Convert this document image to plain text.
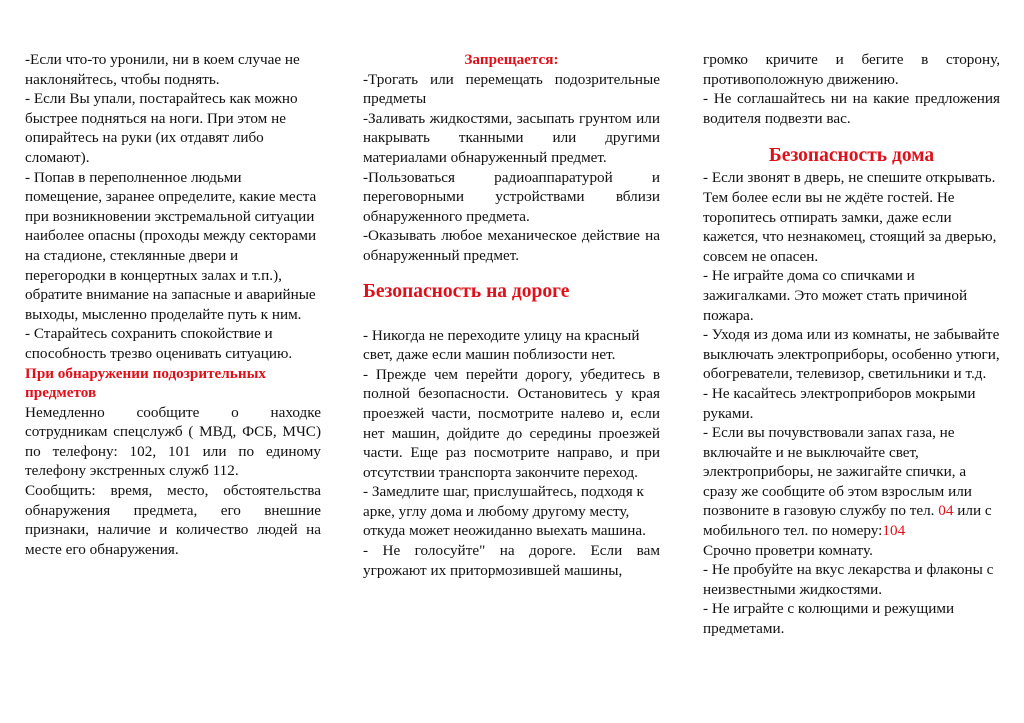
-Если что-то уронили, ни в коем случае не наклоняйтесь, чтобы поднять.

- Если Вы упали, постарайтесь как можно быстрее подняться на ноги. При этом не опирайтесь на руки (их отдавят либо сломают).

- Попав в переполненное людьми помещение, заранее определите, какие места при возникновении экстремальной ситуации наиболее опасны (проходы между секторами на стадионе, стеклянные двери и перегородки в концертных залах и т.п.), обратите внимание на запасные и аварийные выходы, мысленно проделайте путь к ним.

- Старайтесь сохранить спокойствие и способность трезво оценивать ситуацию.

При обнаружении подозрительных предметов

Немедленно сообщите о находке сотрудникам спецслужб ( МВД, ФСБ, МЧС) по телефону: 102, 101 или по единому телефону экстренных служб 112.

Сообщить: время, место, обстоятельства обнаружения предмета, его внешние признаки, наличие и количество людей на месте его обнаружения.

Запрещается:

-Трогать или перемещать подозрительные предметы

-Заливать жидкостями, засыпать грунтом или накрывать тканными или другими материалами обнаруженный предмет.

-Пользоваться радиоаппаратурой и переговорными устройствами вблизи обнаруженного предмета.

-Оказывать любое механическое действие на обнаруженный предмет.

Безопасность на дороге

- Никогда не переходите улицу на красный свет, даже если машин поблизости нет.

- Прежде чем перейти дорогу, убедитесь в полной безопасности. Остановитесь у края проезжей части, посмотрите налево и, если нет машин, дойдите до середины проезжей части. Еще раз посмотрите направо, и при отсутствии транспорта закончите переход.

- Замедлите шаг, прислушайтесь, подходя к арке, углу дома и любому другому месту, откуда может неожиданно выехать машина.

- Не голосуйте" на дороге. Если вам угрожают их притормозившей машины,

громко кричите и бегите в сторону, противоположную движению.

- Не соглашайтесь ни на какие предложения водителя подвезти вас.

Безопасность дома

- Если звонят в дверь, не спешите открывать. Тем более если вы не ждёте гостей. Не торопитесь отпирать замки, даже если кажется, что незнакомец, стоящий за дверью, совсем не опасен.

- Не играйте дома со спичками и зажигалками. Это может стать причиной пожара.

- Уходя из дома или из комнаты, не забывайте выключать электроприборы, особенно утюги, обогреватели, телевизор, светильники и т.д.

- Не касайтесь электроприборов мокрыми руками.

- Если вы почувствовали запах газа, не включайте и не выключайте свет, электроприборы, не зажигайте спички, а сразу же сообщите об этом взрослым или позвоните в газовую службу по тел. 04 или с мобильного тел. по номеру:104
Срочно проветри комнату.

- Не пробуйте на вкус лекарства и флаконы с неизвестными жидкостями.

- Не играйте с колющими и режущими предметами.
